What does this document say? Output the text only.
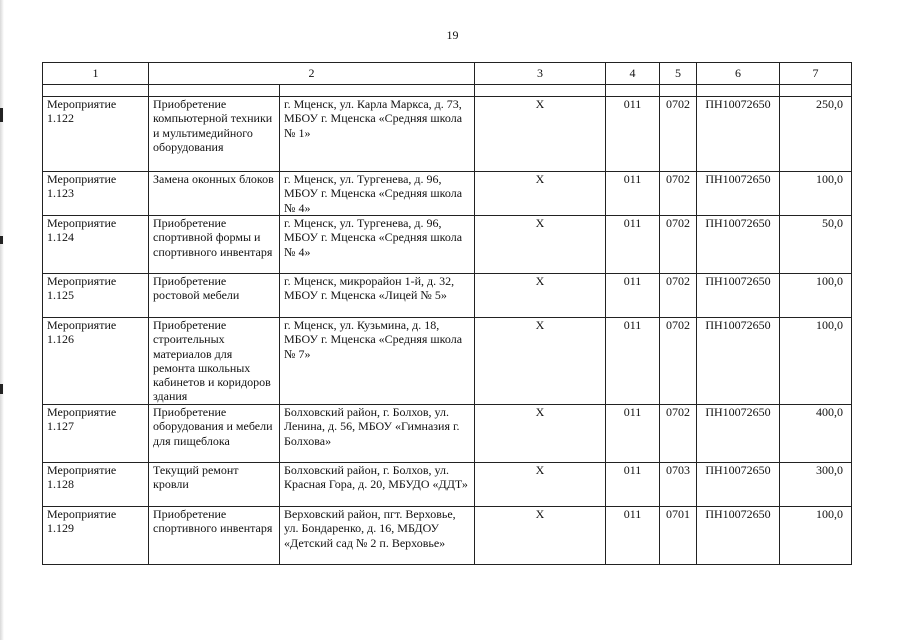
19
1	2		3	4	5	6	7

Мероприятие 1.122	Приобретение компьютерной техники и мультимедийного оборудования	г. Мценск, ул. Карла Маркса, д. 73, МБОУ г. Мценска «Средняя школа № 1»	Х	011	0702	ПН10072650	250,0
Мероприятие 1.123	Замена оконных блоков	г. Мценск, ул. Тургенева, д. 96, МБОУ г. Мценска «Средняя школа № 4»	Х	011	0702	ПН10072650	100,0
Мероприятие 1.124	Приобретение спортивной формы и спортивного инвентаря	г. Мценск, ул. Тургенева, д. 96, МБОУ г. Мценска «Средняя школа № 4»	Х	011	0702	ПН10072650	50,0
Мероприятие 1.125	Приобретение ростовой мебели	г. Мценск, микрорайон 1-й, д. 32, МБОУ г. Мценска «Лицей № 5»	Х	011	0702	ПН10072650	100,0
Мероприятие 1.126	Приобретение строительных материалов для ремонта школьных кабинетов и коридоров здания	г. Мценск, ул. Кузьмина, д. 18, МБОУ г. Мценска «Средняя школа № 7»	Х	011	0702	ПН10072650	100,0
Мероприятие 1.127	Приобретение оборудования и мебели для пищеблока	Болховский район, г. Болхов, ул. Ленина, д. 56, МБОУ «Гимназия г. Болхова»	Х	011	0702	ПН10072650	400,0
Мероприятие 1.128	Текущий ремонт кровли	Болховский район, г. Болхов, ул. Красная Гора, д. 20, МБУДО «ДДТ»	Х	011	0703	ПН10072650	300,0
Мероприятие 1.129	Приобретение спортивного инвентаря	Верховский район, пгт. Верховье, ул. Бондаренко, д. 16, МБДОУ «Детский сад № 2 п. Верховье»	Х	011	0701	ПН10072650	100,0
